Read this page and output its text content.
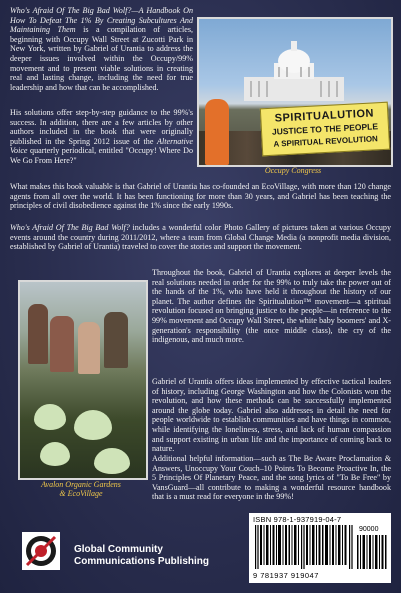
Who's Afraid Of The Big Bad Wolf?—A Handbook On How To Defeat The 1% By Creating Subcultures And Maintaining Them is a compilation of articles, beginning with Occupy Wall Street at Zucotti Park in New York, written by Gabriel of Urantia to address the deeper issues involved within the Occupy/99% movement and to present viable solutions in creating real and lasting change, including the need for true leadership and how that can be accomplished.

His solutions offer step-by-step guidance to the 99%'s success. In addition, there are a few articles by other authors included in the book that were originally published in the Spring 2012 issue of the Alternative Voice quarterly periodical, entitled "Occupy! Where Do We Go From Here?"

SPIRITUALUTION
JUSTICE TO THE PEOPLE
A SPIRITUAL REVOLUTION
Occupy Congress

What makes this book valuable is that Gabriel of Urantia has co-founded an EcoVillage, with more than 120 change agents from all over the world. It has been functioning for more than 30 years, and Gabriel has been teaching the principles of civil disobedience against the 1% since the early 1990s.

Who's Afraid Of The Big Bad Wolf? includes a wonderful color Photo Gallery of pictures taken at various Occupy events around the country during 2011/2012, where a team from Global Change Media (a nonprofit media division, established by Gabriel of Urantia) traveled to cover the stories and support the movement.

Avalon Organic Gardens
& EcoVillage

Throughout the book, Gabriel of Urantia explores at deeper levels the real solutions needed in order for the 99% to truly take the power out of the hands of the 1%, who have held it throughout the history of our planet. The author defines the Spiritualution™ movement—a spiritual revolution focused on bringing justice to the people—in reference to the 99% movement and Occupy Wall Street, the white baby boomers' and X-generation's responsibility (the once middle class), the cry of the indigenous, and much more.

Gabriel of Urantia offers ideas implemented by effective tactical leaders of history, including George Washington and how the Colonists won the revolution, and how these methods can be successfully implemented around the globe today. Gabriel also addresses in detail the need for people worldwide to establish communities and have things in common, while identifying the loneliness, stress, and lack of human compassion and support existing in urban life and the importance of coming back to nature.

Additional helpful information—such as The Be Aware Proclamation & Answers, Unoccupy Your Couch–10 Points To Become Proactive In, the 5 Principles Of Planetary Peace, and the song lyrics of "To Be Free" by VansGuard—all contribute to making a wonderful resource handbook that is a must read for everyone in the 99%!

Global Community
Communications Publishing
ISBN 978-1-937919-04-7
90000
9 781937 919047
